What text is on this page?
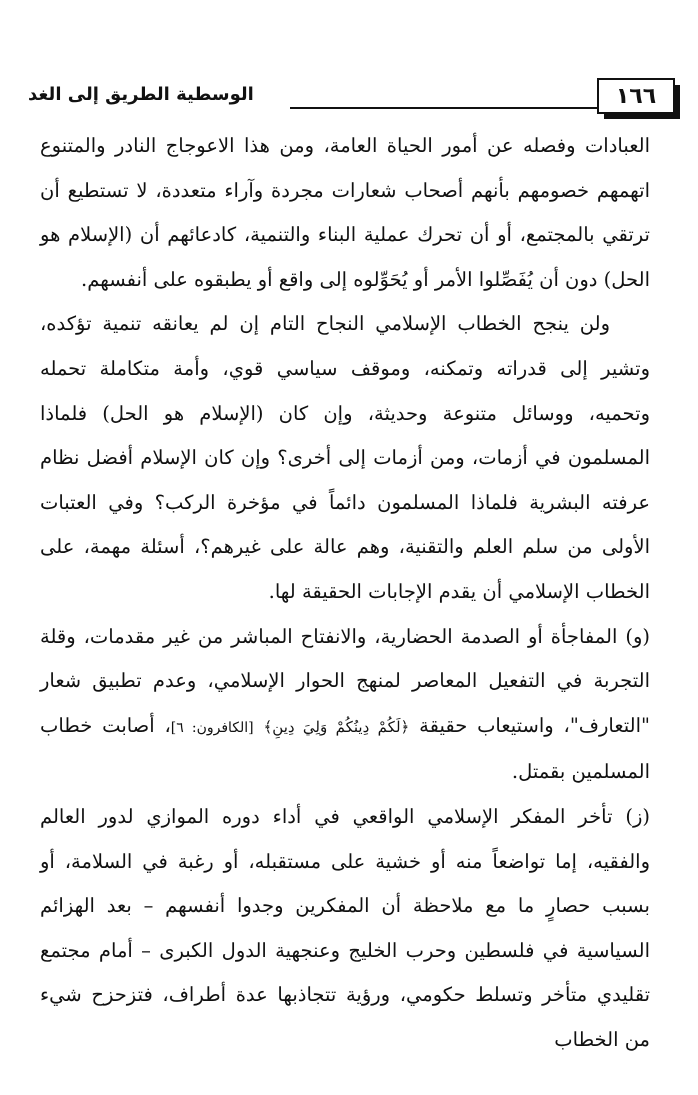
١٦٦
الوسطية الطريق إلى الغد

العبادات وفصله عن أمور الحياة العامة، ومن هذا الاعوجاج النادر والمتنوع اتهمهم خصومهم بأنهم أصحاب شعارات مجردة وآراء متعددة، لا تستطيع أن ترتقي بالمجتمع، أو أن تحرك عملية البناء والتنمية، كادعائهم أن (الإسلام هو الحل) دون أن يُفَصِّلوا الأمر أو يُحَوِّلوه إلى واقع أو يطبقوه على أنفسهم.

ولن ينجح الخطاب الإسلامي النجاح التام إن لم يعانقه تنمية تؤكده، وتشير إلى قدراته وتمكنه، وموقف سياسي قوي، وأمة متكاملة تحمله وتحميه، ووسائل متنوعة وحديثة، وإن كان (الإسلام هو الحل) فلماذا المسلمون في أزمات، ومن أزمات إلى أخرى؟ وإن كان الإسلام أفضل نظام عرفته البشرية فلماذا المسلمون دائماً في مؤخرة الركب؟ وفي العتبات الأولى من سلم العلم والتقنية، وهم عالة على غيرهم؟، أسئلة مهمة، على الخطاب الإسلامي أن يقدم الإجابات الحقيقة لها.

(و) المفاجأة أو الصدمة الحضارية، والانفتاح المباشر من غير مقدمات، وقلة التجربة في التفعيل المعاصر لمنهج الحوار الإسلامي، وعدم تطبيق شعار "التعارف"، واستيعاب حقيقة ﴿لَكُمْ دِينُكُمْ وَلِيَ دِينِ﴾ [الكافرون: ٦]، أصابت خطاب المسلمين بقمتل.

(ز) تأخر المفكر الإسلامي الواقعي في أداء دوره الموازي لدور العالم والفقيه، إما تواضعاً منه أو خشية على مستقبله، أو رغبة في السلامة، أو بسبب حصارٍ ما مع ملاحظة أن المفكرين وجدوا أنفسهم – بعد الهزائم السياسية في فلسطين وحرب الخليج وعنجهية الدول الكبرى – أمام مجتمع تقليدي متأخر وتسلط حكومي، ورؤية تتجاذبها عدة أطراف، فتزحزح شيء من الخطاب
